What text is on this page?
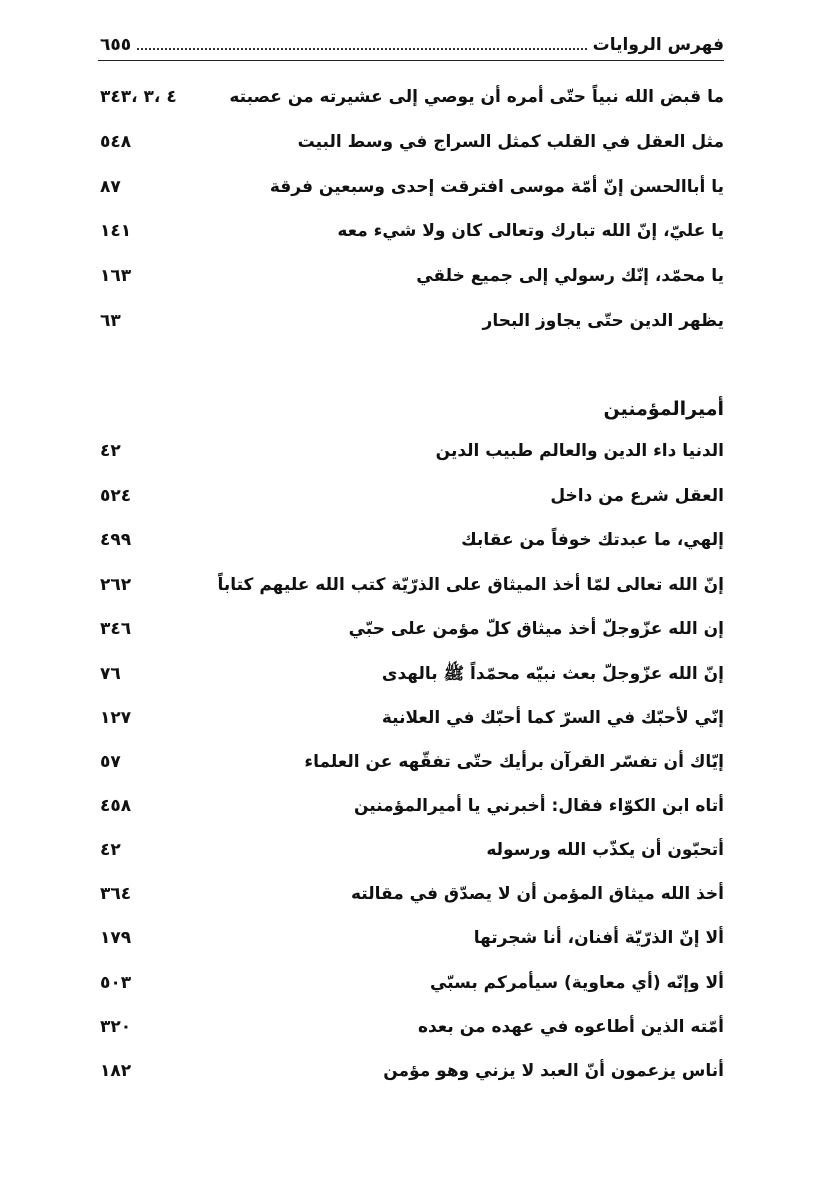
فهرس الروايات
٦٥٥
ما قبض الله نبياً حتّى أمره أن يوصي إلى عشيرته من عصبته
٤ ،٣ ،٣٤٣
مثل العقل في القلب كمثل السراج في وسط البيت
٥٤٨
يا أباالحسن إنّ أمّة موسى افترقت إحدى وسبعين فرقة
٨٧
يا عليّ، إنّ الله تبارك وتعالى كان ولا شيء معه
١٤١
يا محمّد، إنّك رسولي إلى جميع خلقي
١٦٣
يظهر الدين حتّى يجاوز البحار
٦٣
أميرالمؤمنين
الدنيا داء الدين والعالم طبيب الدين
٤٢
العقل شرع من داخل
٥٢٤
إلهي، ما عبدتك خوفاً من عقابك
٤٩٩
إنّ الله تعالى لمّا أخذ الميثاق على الذرّيّة كتب الله عليهم كتاباً
٢٦٢
إن الله عزّوجلّ أخذ ميثاق كلّ مؤمن على حبّي
٣٤٦
إنّ الله عزّوجلّ بعث نبيّه محمّداً ﷺ بالهدى
٧٦
إنّي لأحبّك في السرّ كما أحبّك في العلانية
١٢٧
إيّاك أن تفسّر القرآن برأيك حتّى تفقّهه عن العلماء
٥٧
أتاه ابن الكوّاء فقال: أخبرني يا أميرالمؤمنين
٤٥٨
أتحبّون أن يكذّب الله ورسوله
٤٢
أخذ الله ميثاق المؤمن أن لا يصدّق في مقالته
٣٦٤
ألا إنّ الذرّيّة أفنان، أنا شجرتها
١٧٩
ألا وإنّه (أي معاوية) سيأمركم بسبّي
٥٠٣
أمّته الذين أطاعوه في عهده من بعده
٣٢٠
أناس يزعمون أنّ العبد لا يزني وهو مؤمن
١٨٢
